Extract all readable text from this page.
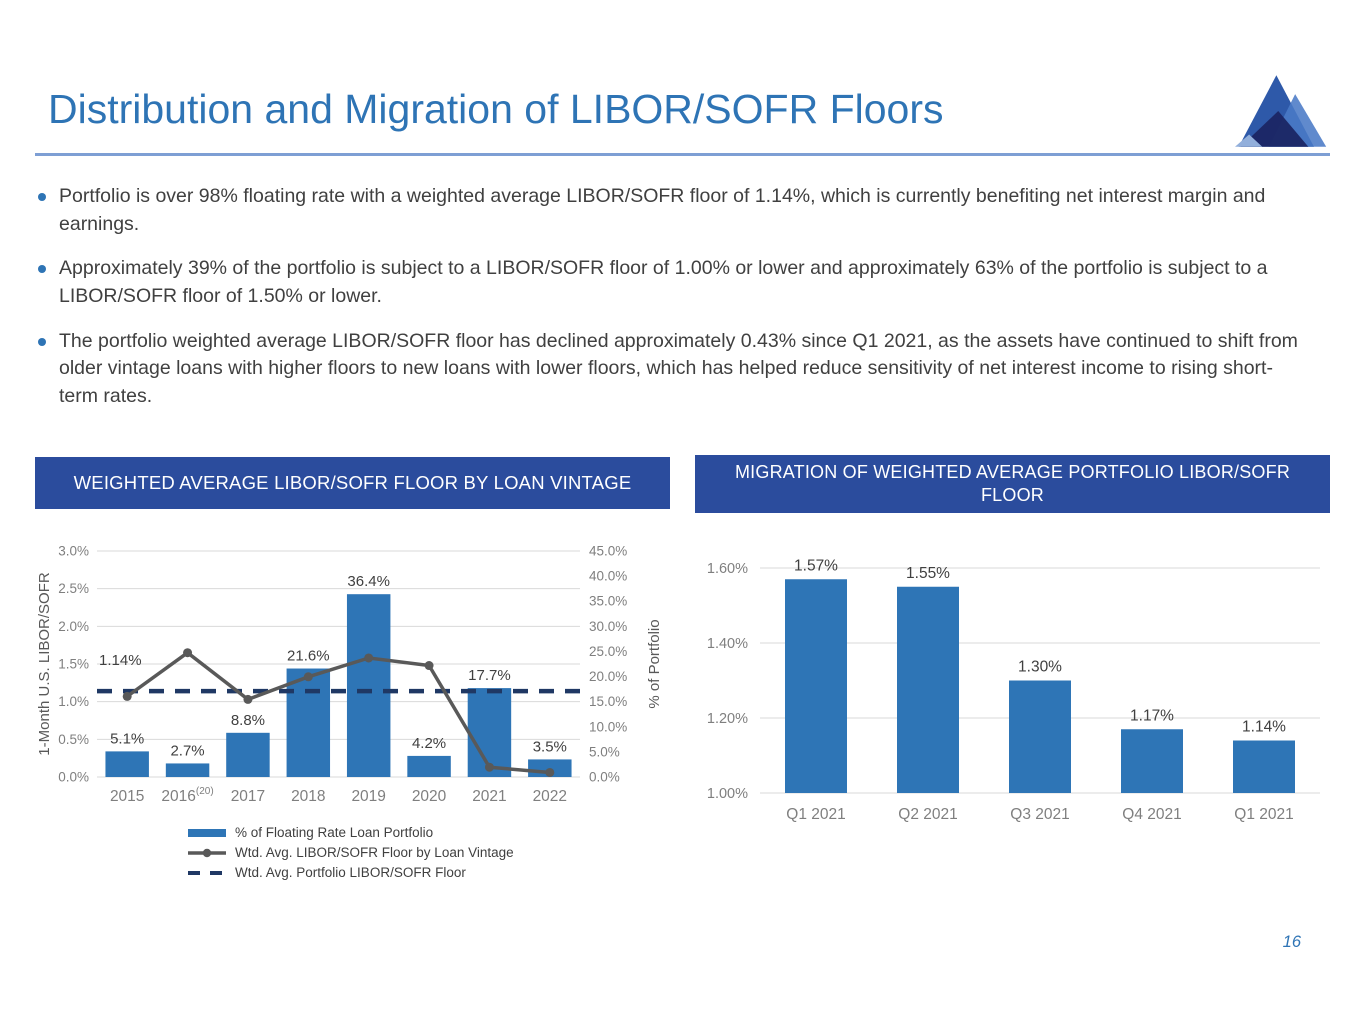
Distribution and Migration of LIBOR/SOFR Floors

Portfolio is over 98% floating rate with a weighted average LIBOR/SOFR floor of 1.14%, which is currently benefiting net interest margin and earnings.

Approximately 39% of the portfolio is subject to a LIBOR/SOFR floor of 1.00% or lower and approximately 63% of the portfolio is subject to a LIBOR/SOFR floor of 1.50% or lower.

The portfolio weighted average LIBOR/SOFR floor has declined approximately 0.43% since Q1 2021, as the assets have continued to shift from older vintage loans with higher floors to new loans with lower floors, which has helped reduce sensitivity of net interest income to rising short-term rates.

WEIGHTED AVERAGE LIBOR/SOFR FLOOR BY LOAN VINTAGE
0.0%
0.5%
1.0%
1.5%
2.0%
2.5%
3.0%
0.0%
5.0%
10.0%
15.0%
20.0%
25.0%
30.0%
35.0%
40.0%
45.0%
1.14%
5.1%
2.7%
8.8%
21.6%
36.4%
4.2%
17.7%
3.5%
2015 2016$^{(20)}$ 2017 2018 2019 2020 2021 2022
1-Month U.S. LIBOR/SOFR	% of Portfolio
% of Floating Rate Loan Portfolio
Wtd. Avg. LIBOR/SOFR Floor by Loan Vintage
Wtd. Avg. Portfolio LIBOR/SOFR Floor
MIGRATION OF WEIGHTED AVERAGE PORTFOLIO LIBOR/SOFR FLOOR
1.00%
1.20%
1.40%
1.60%	1.57%	1.55%
1.30%
1.17%
1.14%
Q1 2021	Q2 2021	Q3 2021	Q4 2021	Q1 2021
16
